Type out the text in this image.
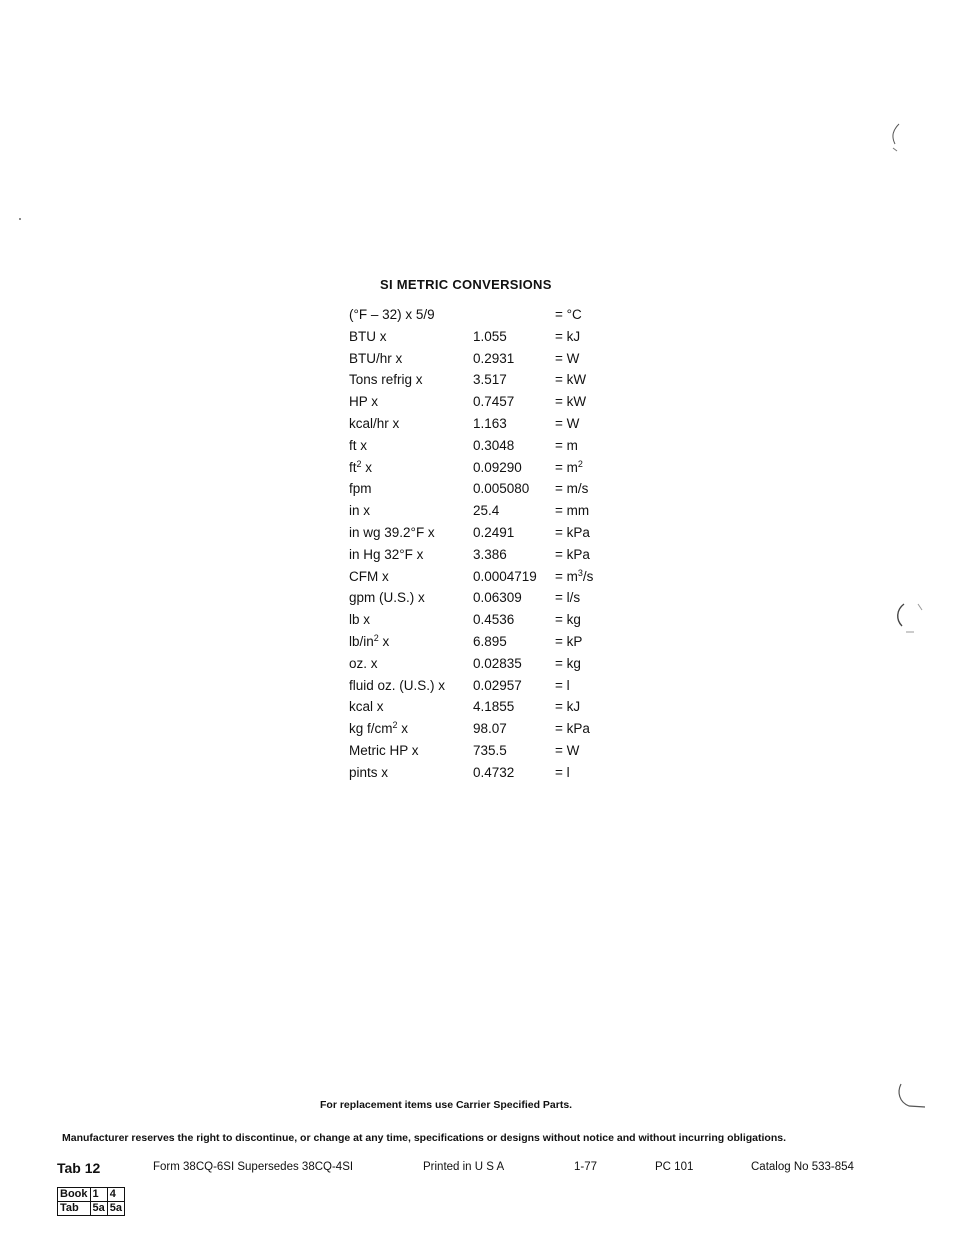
SI METRIC CONVERSIONS
(°F – 32) x 5/9	= °C
BTU x	1.055	= kJ
BTU/hr x	0.2931	= W
Tons refrig x	3.517	= kW
HP x	0.7457	= kW
kcal/hr x	1.163	= W
ft x	0.3048	= m
$ft^2$ x	$0.09290 = m^2$
fpm	0.005080 = m/s
in x	25.4	= mm
in wg 39.2°F x	0.2491	= kPa
in Hg 32°F x	3.386	= kPa
CFM x	$0.0004719 = m^3/s$
gpm (U.S.) x	0.06309 = l/s
lb x	0.4536	= kg
$lb/in^2$ x	6.895	= kP
oz. x	0.02835 = kg
fluid oz. (U.S.) x 0.02957 = l
kcal x	4.1855	= kJ
kg $f/cm^2$ x	98.07	= kPa
Metric HP x	735.5	= W
pints x	0.4732	= l
For replacement items use Carrier Specified Parts.
Manufacturer reserves the right to discontinue, or change at any time, specifications or designs without notice and without incurring obligations.
Tab 12	Form 38CQ-6SI Supersedes 38CQ-4SI	Printed in U S A	1-77	PC 101	Catalog No 533-854
Book	1	4
Tab	5a	5a
